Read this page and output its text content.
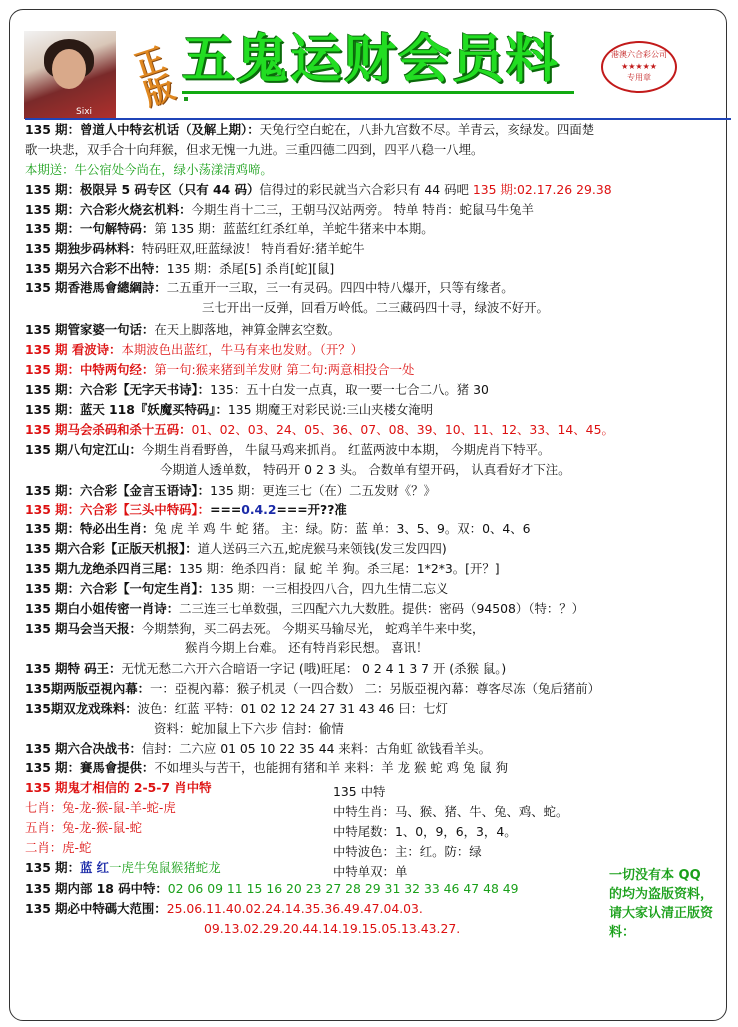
Sixi
正版
五鬼运财会员料	港澳六合彩公司
★★★★★
专用章
135 期：曾道人中特玄机话（及解上期）：天兔行空白蛇在，八卦九宫数不尽。羊青云，亥绿发。四面楚
歌一块悲，双手合十向拜猴，但求无愧一九进。三重四德二四到，四平八稳一八埋。
本期送：牛公宿处今尚在，绿小荡漾清鸡啼。
135 期：极限异 5 码专区（只有 44 码）信得过的彩民就当六合彩只有 44 码吧 135 期:02.17.26 29.38
135 期：六合彩火烧玄机料：今期生肖十二三，王朝马汉站两旁。 特单 特肖：蛇鼠马牛兔羊
135 期：一句解特码：第 135 期：蓝蓝红红杀红单，羊蛇牛猪来中本期。
135 期独步码林料：特码旺双,旺蓝绿波！ 特肖看好:猪羊蛇牛
135 期另六合彩不出特：135 期：杀尾[5] 杀肖[蛇][鼠]
135 期香港馬會總綱詩：二五重开一三取，三一有灵码。四四中特八爆开，只等有缘者。
三七开出一反弹，回看万岭低。二三藏码四十寻，绿波不好开。
135 期管家婆一句话：在天上脚落地，神算金牌玄空数。
135 期 看波诗：本期波色出蓝红，牛马有来也发财。（开？）
135 期：中特两句经：第一句:猴来猪到羊发财 第二句:两意相投合一处
135 期：六合彩【无字天书诗】：135：五十白发一点真，取一要一七合二八。猪 30
135 期：蓝天 118『妖魔买特码』：135 期魔王对彩民说:三山夹楼女淹明
135 期马会杀码和杀十五码：01、02、03、24、05、36、07、08、39、10、11、12、33、14、45。
135 期八句定江山：今期生肖看野兽， 牛鼠马鸡来抓肖。 红蓝两波中本期， 今期虎肖下特平。
今期道人透单数， 特码开 0 2 3 头。 合数单有望开码， 认真看好才下注。
135 期：六合彩【金言玉语诗】：135 期：更连三七（在）二五发财《？》
135 期：六合彩【三头中特码】：===0.4.2===开??准
135 期：特必出生肖：兔 虎 羊 鸡 牛 蛇 猪。 主：绿。防：蓝 单：3、5、9。双：0、4、6
135 期六合彩【正版天机报】：道人送码三六五,蛇虎猴马来领钱(发三发四四)
135 期九龙绝杀四肖三尾：135 期：绝杀四肖：鼠 蛇 羊 狗。杀三尾：1*2*3。[开？]
135 期：六合彩【一句定生肖】：135 期：一三相投四八合，四九生情二忘义
135 期白小姐传密一肖诗：二三连三七单数强，三四配六九大数胜。提供：密码（94508）（特：？）
135 期马会当天报：今期禁狗，买二码去死。 今期买马输尽光， 蛇鸡羊牛来中奖，
猴肖今期上台难。 还有特肖彩民想。 喜讯！
135 期特 码王：无忧无愁二六开六合暗语一字记 (哦)旺尾： 0 2 4 1 3 7 开 (杀猴 鼠。)
135期两版亞視內幕：一：亞視內幕：猴子机灵（一四合数） 二：另版亞視內幕：尊客尽冻（兔后猪前）
135期双龙戏珠料：波色：红蓝 平特：01 02 12 24 27 31 43 46 曰：七灯
资料：蛇加鼠上下六步 信封：偷情
135 期六合决战书：信封：二六应 01 05 10 22 35 44 来料：古角虹 欲钱看羊头。
135 期：賽馬會提供：不如埋头与苦干，也能拥有猪和羊 来料：羊 龙 猴 蛇 鸡 兔 鼠 狗
135 期鬼才相信的 2-5-7 肖中特
七肖：兔-龙-猴-鼠-羊-蛇-虎
五肖：兔-龙-猴-鼠-蛇
二肖：虎-蛇
135 期：蓝 红一虎牛兔鼠猴猪蛇龙
135 期内部 18 码中特：02 06 09 11 15 16 20 23 27 28 29 31 32 33 46 47 48 49
135 期必中特碼大范围：25.06.11.40.02.24.14.35.36.49.47.04.03.
09.13.02.29.20.44.14.19.15.05.13.43.27.
135 中特
中特生肖：马、猴、猪、牛、兔、鸡、蛇。
中特尾数：1、0，9，6，3，4。
中特波色：主：红。防：绿
中特单双：单	一切没有本 QQ 的均为盗版资料，请大家认清正版资料：
